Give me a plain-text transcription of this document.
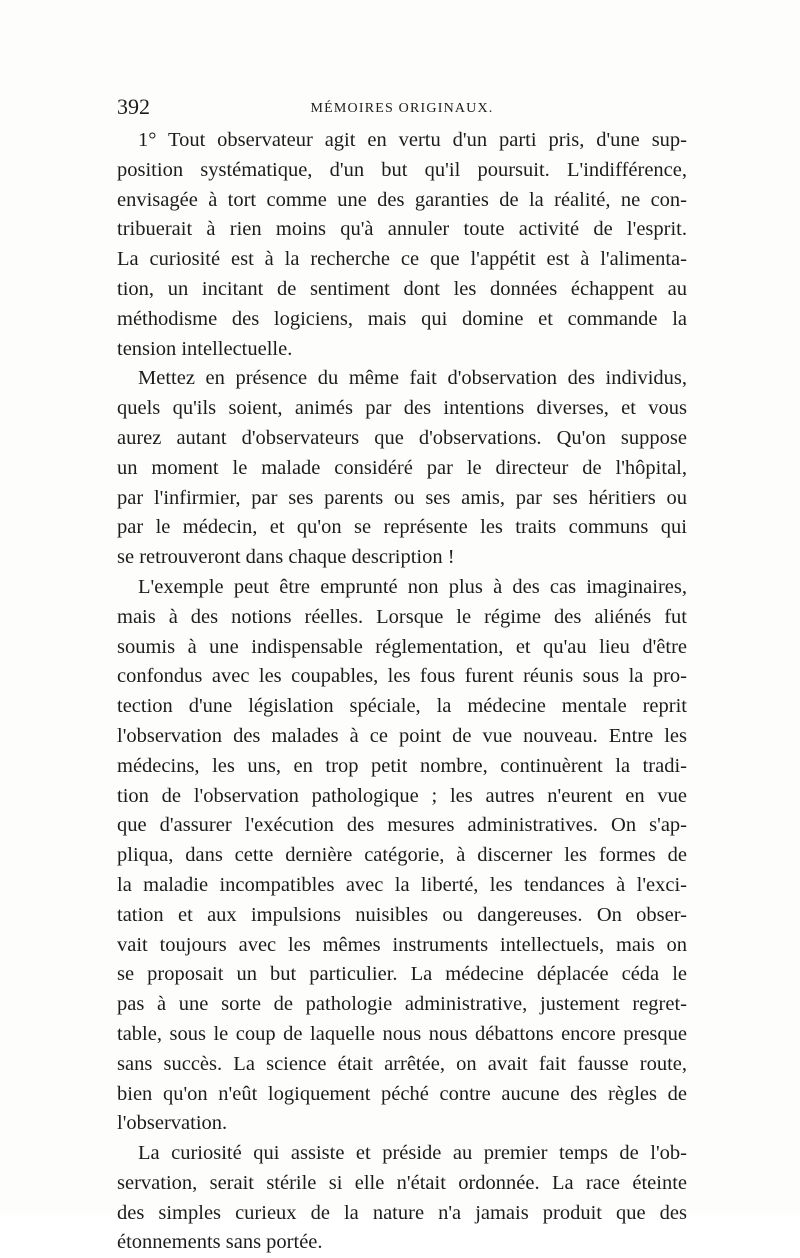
392	MÉMOIRES ORIGINAUX.
1° Tout observateur agit en vertu d'un parti pris, d'une sup-
position systématique, d'un but qu'il poursuit. L'indifférence,
envisagée à tort comme une des garanties de la réalité, ne con-
tribuerait à rien moins qu'à annuler toute activité de l'esprit.
La curiosité est à la recherche ce que l'appétit est à l'alimenta-
tion, un incitant de sentiment dont les données échappent au
méthodisme des logiciens, mais qui domine et commande la
tension intellectuelle.
Mettez en présence du même fait d'observation des individus,
quels qu'ils soient, animés par des intentions diverses, et vous
aurez autant d'observateurs que d'observations. Qu'on suppose
un moment le malade considéré par le directeur de l'hôpital,
par l'infirmier, par ses parents ou ses amis, par ses héritiers ou
par le médecin, et qu'on se représente les traits communs qui
se retrouveront dans chaque description !
L'exemple peut être emprunté non plus à des cas imaginaires,
mais à des notions réelles. Lorsque le régime des aliénés fut
soumis à une indispensable réglementation, et qu'au lieu d'être
confondus avec les coupables, les fous furent réunis sous la pro-
tection d'une législation spéciale, la médecine mentale reprit
l'observation des malades à ce point de vue nouveau. Entre les
médecins, les uns, en trop petit nombre, continuèrent la tradi-
tion de l'observation pathologique ; les autres n'eurent en vue
que d'assurer l'exécution des mesures administratives. On s'ap-
pliqua, dans cette dernière catégorie, à discerner les formes de
la maladie incompatibles avec la liberté, les tendances à l'exci-
tation et aux impulsions nuisibles ou dangereuses. On obser-
vait toujours avec les mêmes instruments intellectuels, mais on
se proposait un but particulier. La médecine déplacée céda le
pas à une sorte de pathologie administrative, justement regret-
table, sous le coup de laquelle nous nous débattons encore presque
sans succès. La science était arrêtée, on avait fait fausse route,
bien qu'on n'eût logiquement péché contre aucune des règles de
l'observation.
La curiosité qui assiste et préside au premier temps de l'ob-
servation, serait stérile si elle n'était ordonnée. La race éteinte
des simples curieux de la nature n'a jamais produit que des
étonnements sans portée.
